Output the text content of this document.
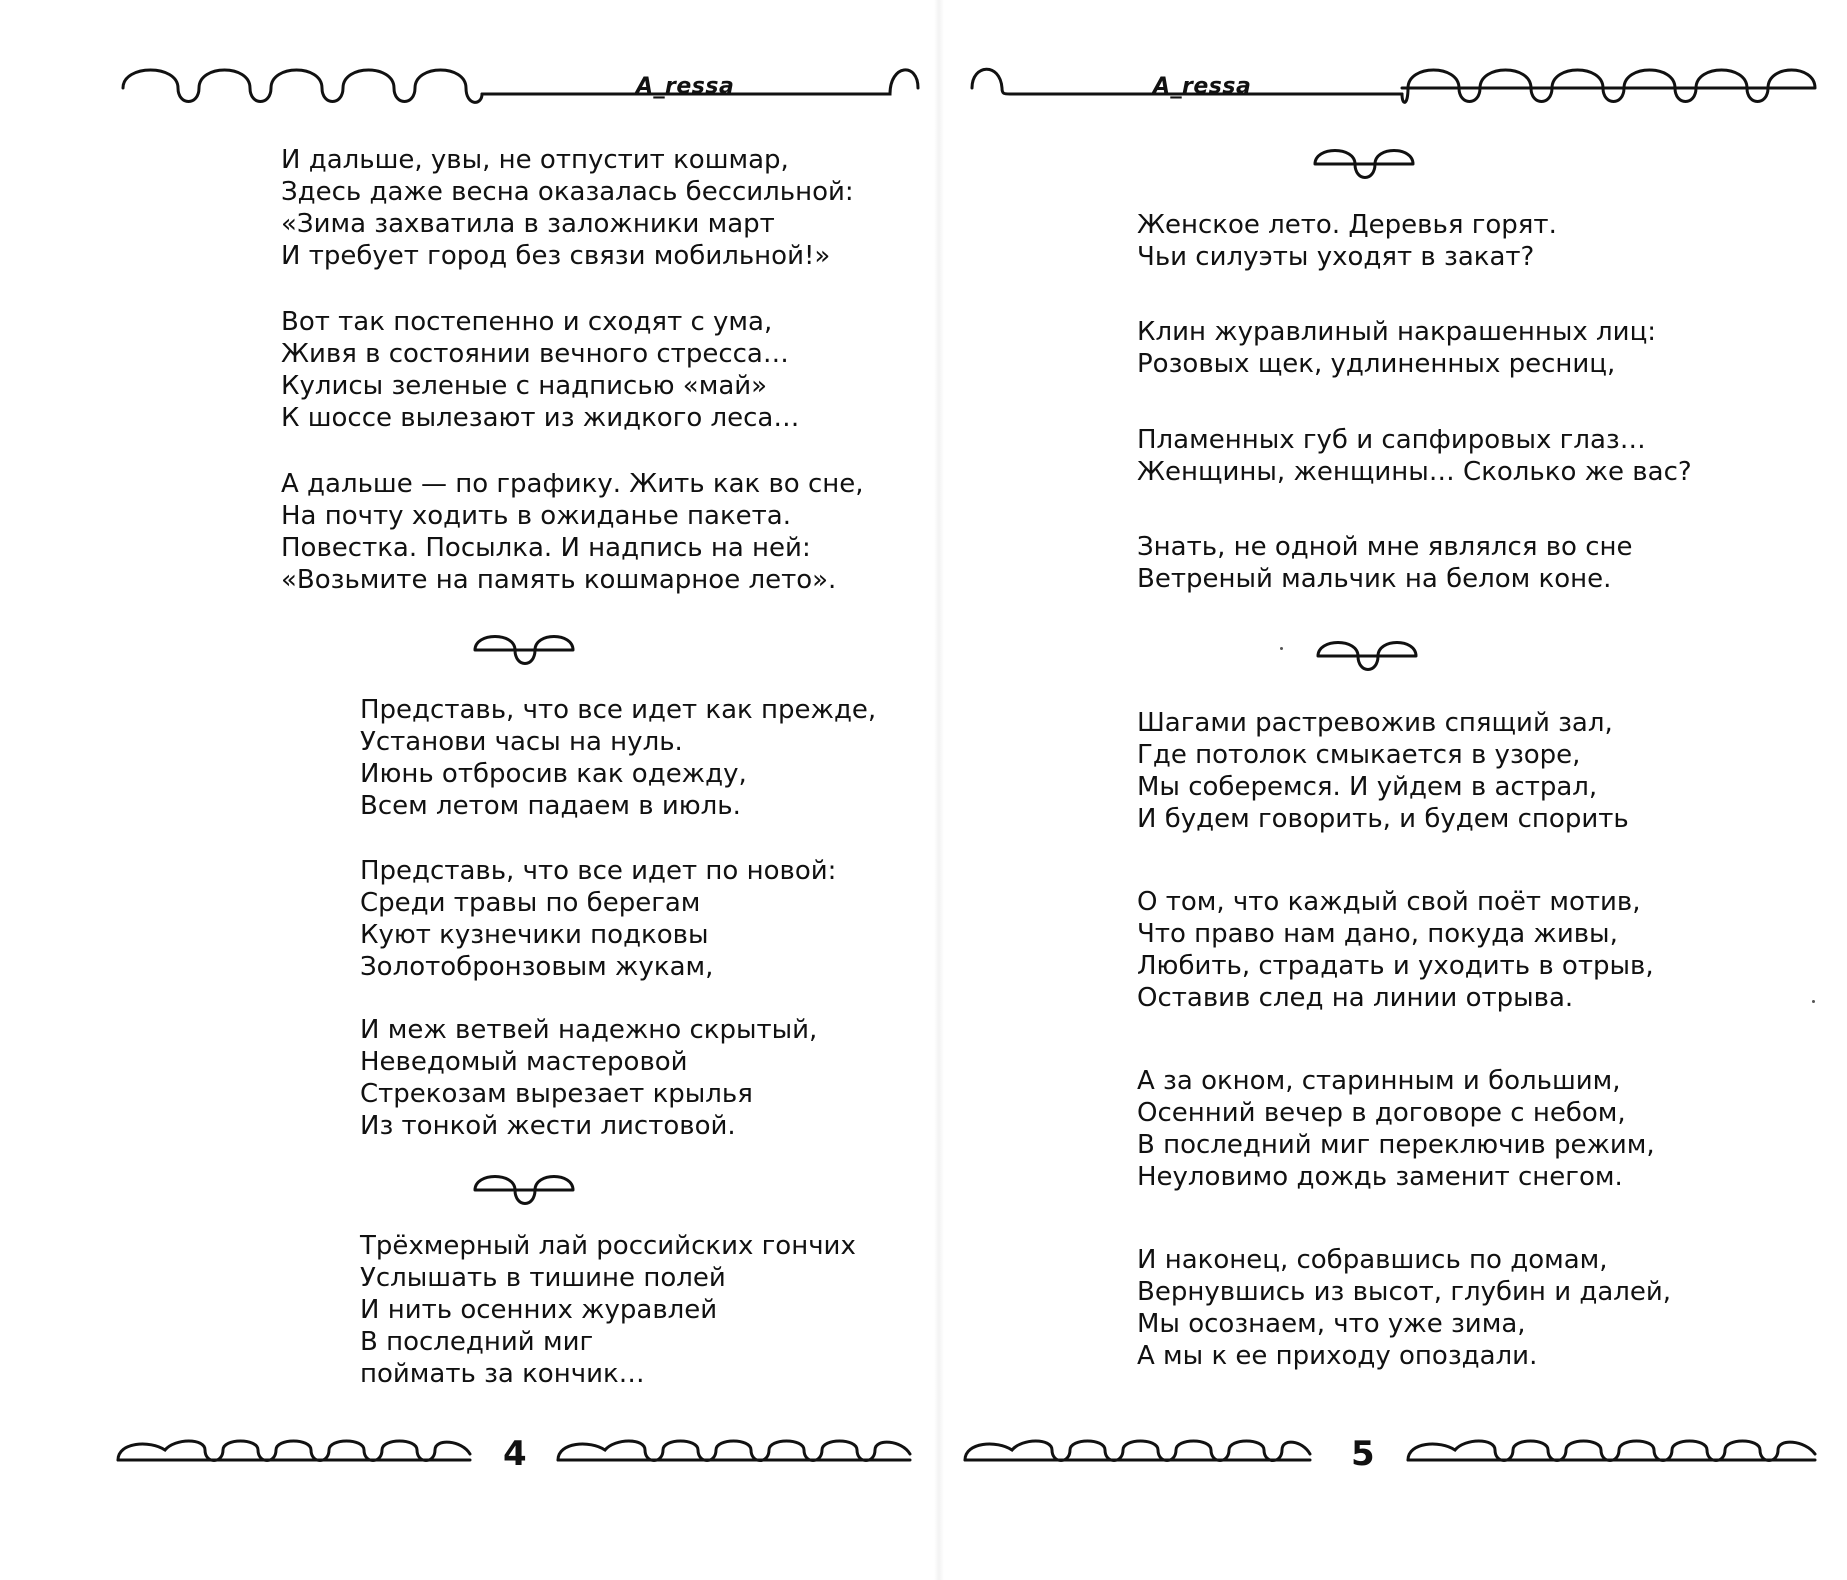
A_ressa

И дальше, увы, не отпустит кошмар,
Здесь даже весна оказалась бессильной:
«Зима захватила в заложники март
И требует город без связи мобильной!»

Вот так постепенно и сходят с ума,
Живя в состоянии вечного стресса…
Кулисы зеленые с надписью «май»
К шоссе вылезают из жидкого леса…

А дальше — по графику. Жить как во сне,
На почту ходить в ожиданье пакета.
Повестка. Посылка. И надпись на ней:
«Возьмите на память кошмарное лето».

Представь, что все идет как прежде,
Установи часы на нуль.
Июнь отбросив как одежду,
Всем летом падаем в июль.

Представь, что все идет по новой:
Среди травы по берегам
Куют кузнечики подковы
Золотобронзовым жукам,

И меж ветвей надежно скрытый,
Неведомый мастеровой
Стрекозам вырезает крылья
Из тонкой жести листовой.

Трёхмерный лай российских гончих
Услышать в тишине полей
И нить осенних журавлей
В последний миг
поймать за кончик…

4
A_ressa

Женское лето. Деревья горят.
Чьи силуэты уходят в закат?

Клин журавлиный накрашенных лиц:
Розовых щек, удлиненных ресниц,

Пламенных губ и сапфировых глаз…
Женщины, женщины… Сколько же вас?

Знать, не одной мне являлся во сне
Ветреный мальчик на белом коне.

Шагами растревожив спящий зал,
Где потолок смыкается в узоре,
Мы соберемся. И уйдем в астрал,
И будем говорить, и будем спорить

О том, что каждый свой поёт мотив,
Что право нам дано, покуда живы,
Любить, страдать и уходить в отрыв,
Оставив след на линии отрыва.

А за окном, старинным и большим,
Осенний вечер в договоре с небом,
В последний миг переключив режим,
Неуловимо дождь заменит снегом.

И наконец, собравшись по домам,
Вернувшись из высот, глубин и далей,
Мы осознаем, что уже зима,
А мы к ее приходу опоздали.

5
